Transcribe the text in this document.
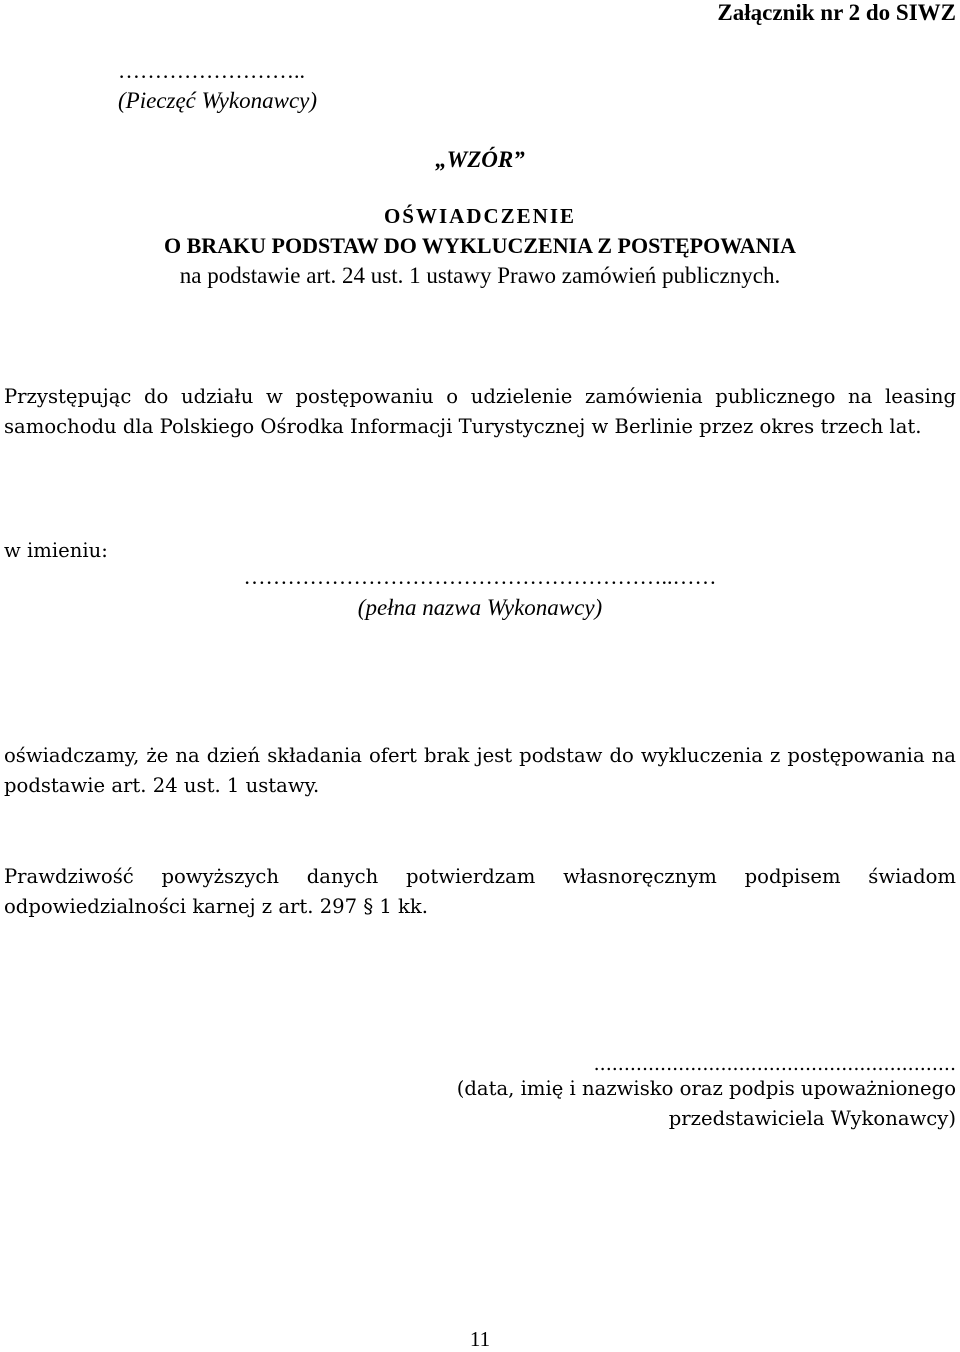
Załącznik nr 2 do SIWZ
……………………..
(Pieczęć Wykonawcy)
„WZÓR”
OŚWIADCZENIE
O BRAKU PODSTAW DO WYKLUCZENIA Z POSTĘPOWANIA
na podstawie art. 24 ust. 1 ustawy Prawo zamówień publicznych.
Przystępując do udziału w postępowaniu o udzielenie zamówienia publicznego na leasing samochodu dla Polskiego Ośrodka Informacji Turystycznej w Berlinie przez okres trzech lat.
w imieniu:
…………………………………………………..……
(pełna nazwa Wykonawcy)
oświadczamy, że na dzień składania ofert brak jest podstaw do wykluczenia z postępowania na podstawie art. 24 ust. 1 ustawy.
Prawdziwość powyższych danych potwierdzam własnoręcznym podpisem świadom odpowiedzialności karnej z art. 297 § 1 kk.
............................................................
(data, imię i nazwisko oraz podpis upoważnionego przedstawiciela Wykonawcy)
11
